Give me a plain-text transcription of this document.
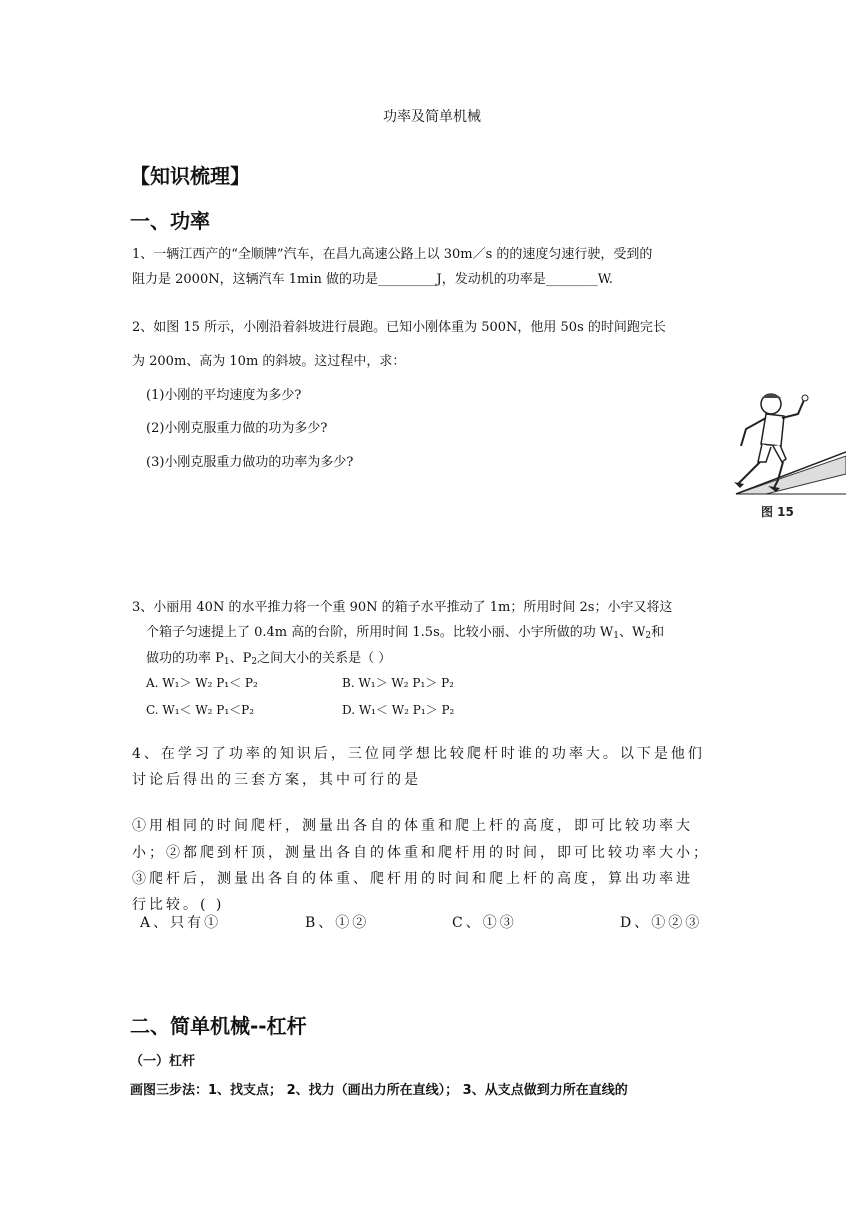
功率及简单机械
【知识梳理】
一、功率
1、一辆江西产的“全顺牌”汽车，在昌九高速公路上以 30m／s 的的速度匀速行驶，受到的
阻力是 2000N，这辆汽车 1min 做的功是_________J，发动机的功率是________W.
2、如图 15 所示，小刚沿着斜坡进行晨跑。已知小刚体重为 500N，他用 50s 的时间跑完长
为 200m、高为 10m 的斜坡。这过程中，求：
(1)小刚的平均速度为多少?
(2)小刚克服重力做的功为多少?
(3)小刚克服重力做功的功率为多少?
图 15
3、小丽用 40N 的水平推力将一个重 90N 的箱子水平推动了 1m；所用时间 2s；小宇又将这
个箱子匀速提上了 0.4m 高的台阶，所用时间 1.5s。比较小丽、小宇所做的功 $W_1$、$W_2$和
做功的功率 $P_1$、$P_2$之间大小的关系是（ ）
A. W₁＞ W₂ P₁＜ P₂	B. W₁＞ W₂ P₁＞ P₂
C. W₁＜ W₂ P₁＜P₂	D. W₁＜ W₂ P₁＞ P₂
4、在学习了功率的知识后，三位同学想比较爬杆时谁的功率大。以下是他们
讨论后得出的三套方案，其中可行的是
①用相同的时间爬杆，测量出各自的体重和爬上杆的高度，即可比较功率大
小；②都爬到杆顶，测量出各自的体重和爬杆用的时间，即可比较功率大小；
③爬杆后，测量出各自的体重、爬杆用的时间和爬上杆的高度，算出功率进
行比较。( )
A、只有①	B、①②	C、①③	D、①②③
二、简单机械--杠杆
（一）杠杆
画图三步法：1、找支点； 2、找力（画出力所在直线）； 3、从支点做到力所在直线的
